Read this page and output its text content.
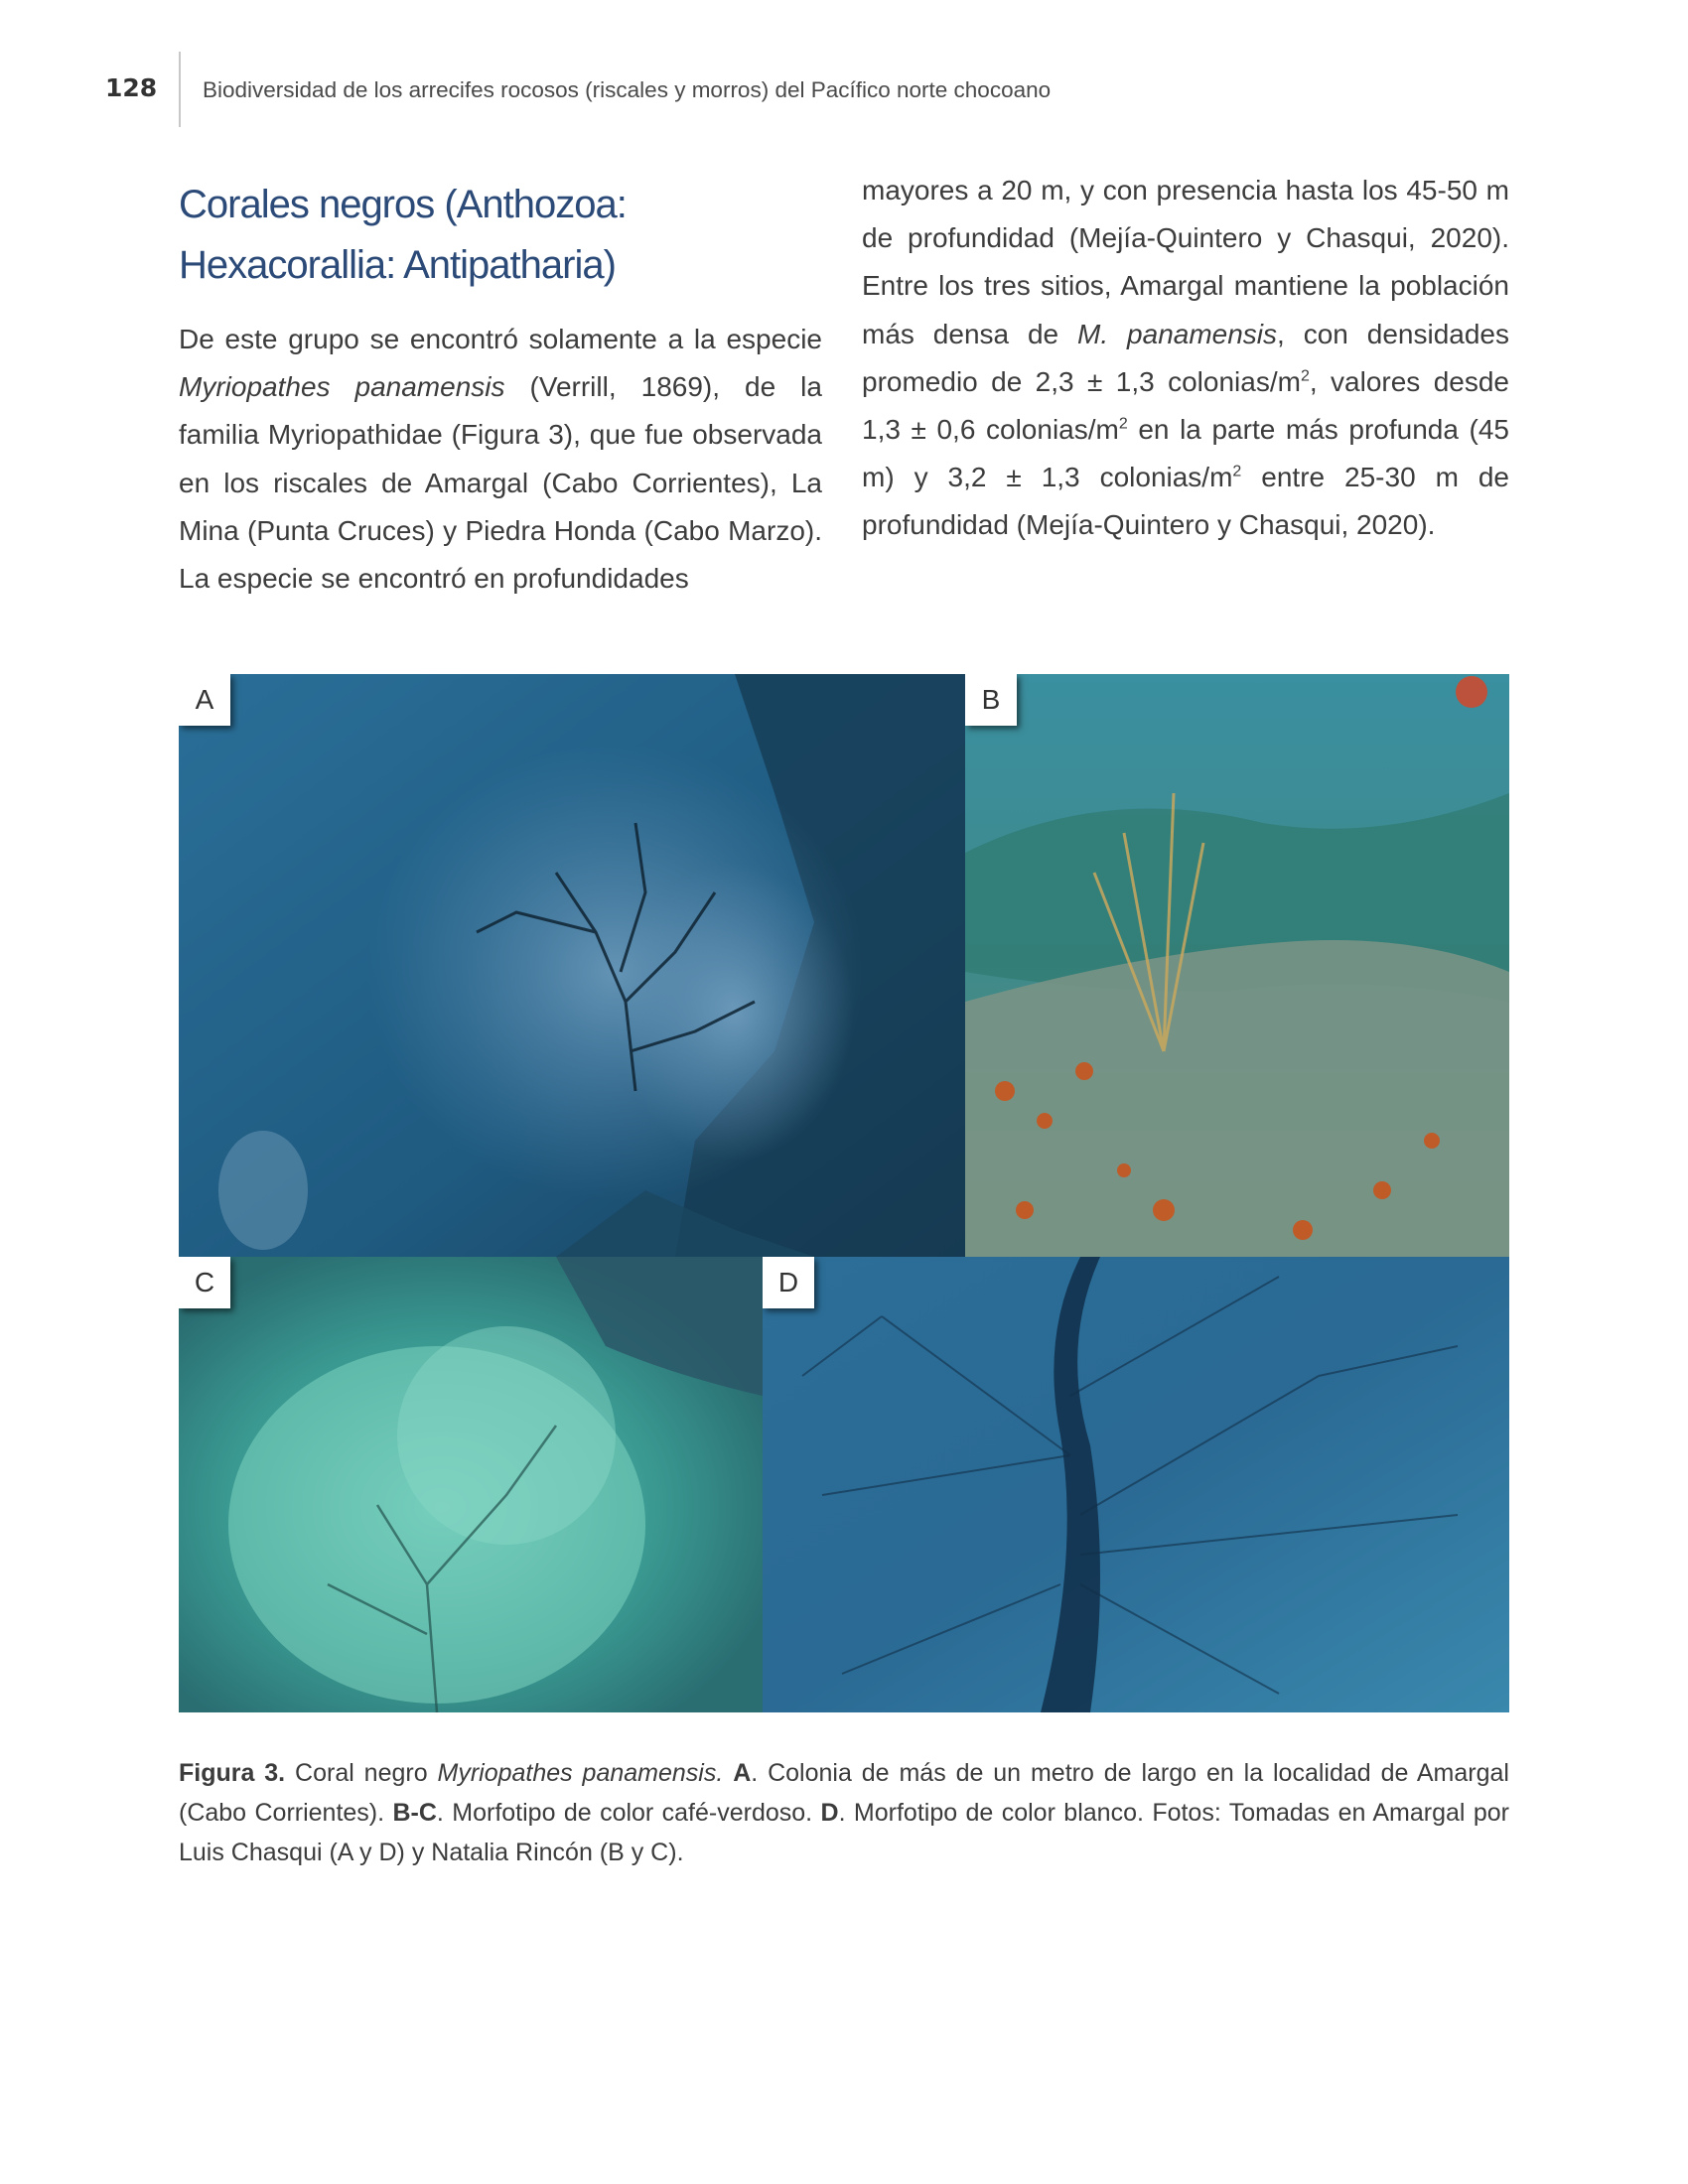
128 Biodiversidad de los arrecifes rocosos (riscales y morros) del Pacífico norte chocoano
Corales negros (Anthozoa: Hexacorallia: Antipatharia)

De este grupo se encontró solamente a la especie Myriopathes panamensis (Verrill, 1869), de la familia Myriopathidae (Figura 3), que fue observada en los riscales de Amargal (Cabo Corrientes), La Mina (Punta Cruces) y Piedra Honda (Cabo Marzo). La especie se encontró en profundidades

mayores a 20 m, y con presencia hasta los 45-50 m de profundidad (Mejía-Quintero y Chasqui, 2020). Entre los tres sitios, Amargal mantiene la población más densa de M. panamensis, con densidades promedio de 2,3 ± 1,3 colonias/$m^2$, valores desde 1,3 ± 0,6 colonias/$m^2$ en la parte más profunda (45 m) y 3,2 ± 1,3 colonias/$m^2$ entre 25-30 m de profundidad (Mejía-Quintero y Chasqui, 2020).

A	B
C	D

Figura 3. Coral negro Myriopathes panamensis. A. Colonia de más de un metro de largo en la localidad de Amargal (Cabo Corrientes). B-C. Morfotipo de color café-verdoso. D. Morfotipo de color blanco. Fotos: Tomadas en Amargal por Luis Chasqui (A y D) y Natalia Rincón (B y C).
